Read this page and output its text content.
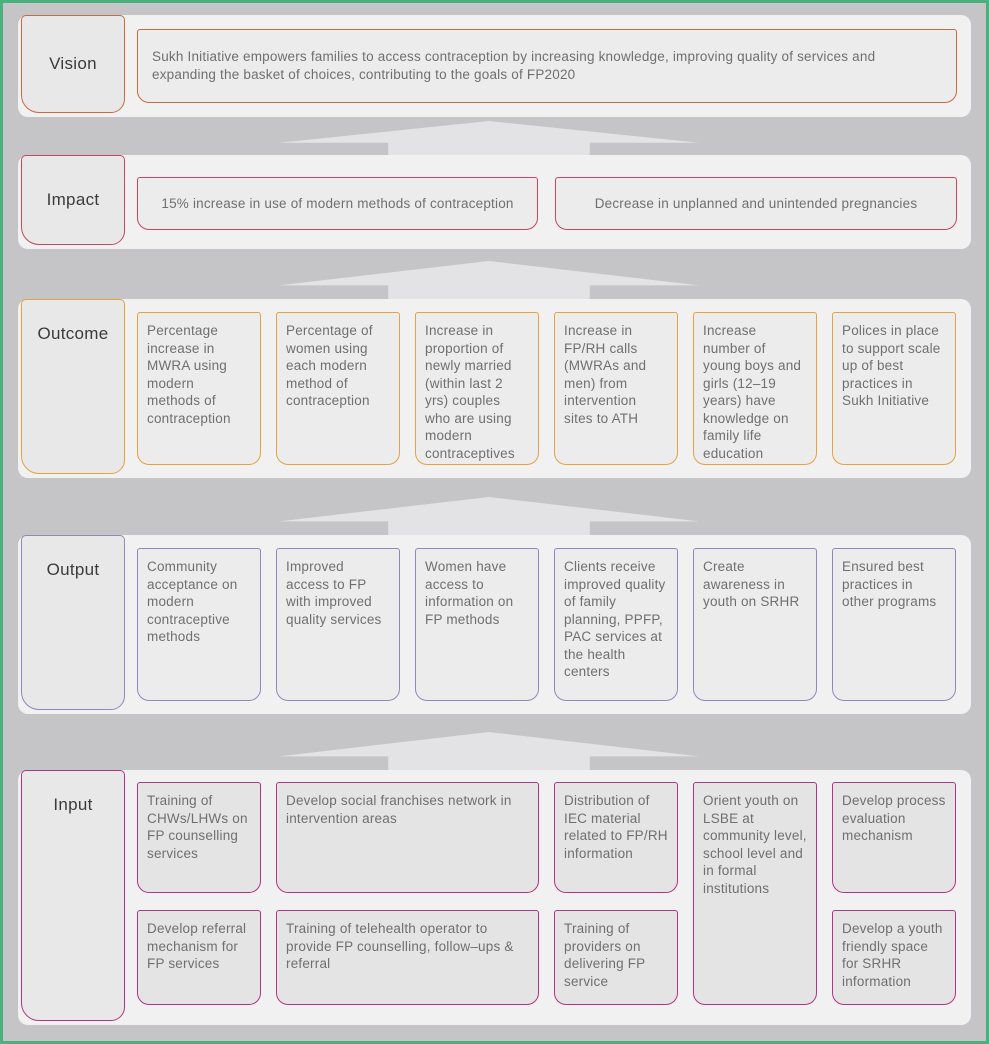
Vision	Sukh Initiative empowers families to access contraception by increasing knowledge, improving quality of services and expanding the basket of choices, contributing to the goals of FP2020
Impact	15% increase in use of modern methods of contraception	Decrease in unplanned and unintended pregnancies
Outcome	Percentage increase in MWRA using modern methods of contraception
Percentage of women using each modern method of contraception
Increase in proportion of newly married (within last 2 yrs) couples who are using modern contraceptives
Increase in FP/RH calls (MWRAs and men) from intervention sites to ATH
Increase number of young boys and girls (12–19 years) have knowledge on family life education
Polices in place to support scale up of best practices in Sukh Initiative
Output	Community acceptance on modern contraceptive methods
Improved access to FP with improved quality services
Women have access to information on FP methods
Clients receive improved quality of family planning, PPFP, PAC services at the health centers
Create awareness in youth on SRHR
Ensured best practices in other programs
Input	Training of CHWs/LHWs on FP counselling services
Develop social franchises network in intervention areas
Distribution of IEC material related to FP/RH information
Orient youth on LSBE at community level, school level and in formal institutions
Develop process evaluation mechanism
Develop referral mechanism for FP services
Training of telehealth operator to provide FP counselling, follow–ups & referral
Training of providers on delivering FP service
Develop a youth friendly space for SRHR information
